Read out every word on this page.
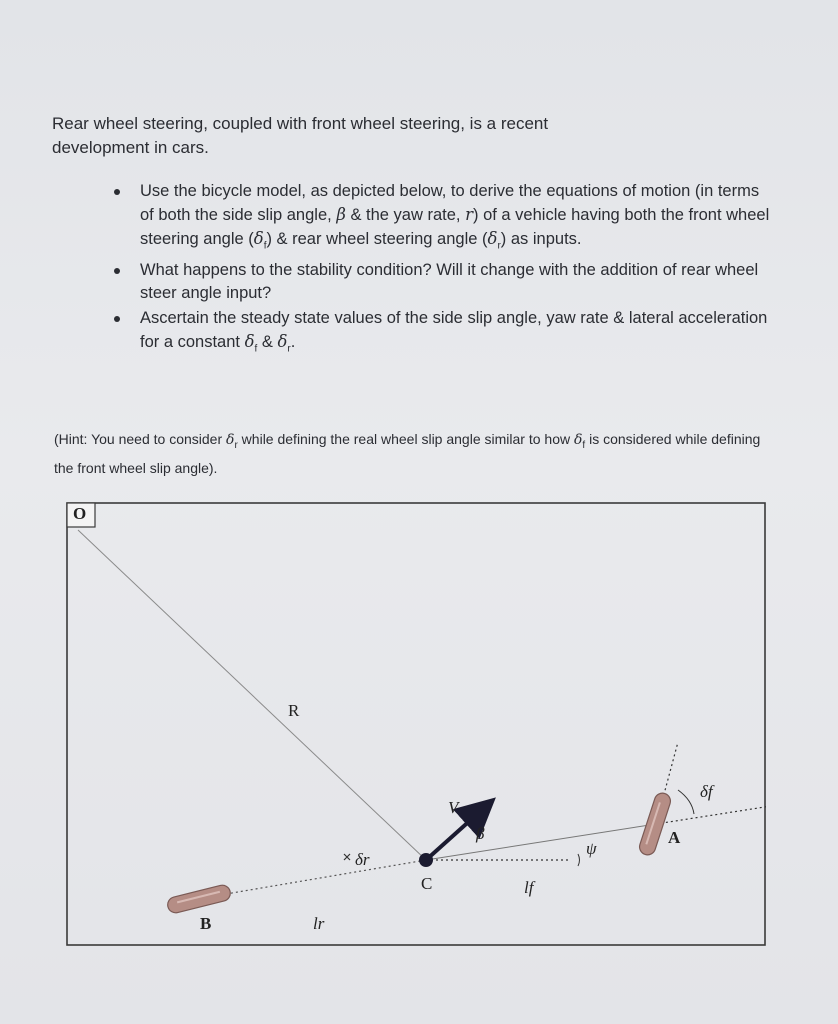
Rear wheel steering, coupled with front wheel steering, is a recent
development in cars.
Use the bicycle model, as depicted below, to derive the equations of motion (in terms of both the side slip angle, β & the yaw rate, r) of a vehicle having both the front wheel steering angle $(\delta_f)$ & rear wheel steering angle $(\delta_r)$ as inputs.
What happens to the stability condition? Will it change with the addition of rear wheel steer angle input?
Ascertain the steady state values of the side slip angle, yaw rate & lateral acceleration for a constant $\delta_f$ & $\delta_r$.
(Hint: You need to consider $\delta_r$ while defining the real wheel slip angle similar to how $\delta_f$ is considered while defining the front wheel slip angle).
O
R
V
β
ψ
δf
δr
A
B
C	lf
lr
